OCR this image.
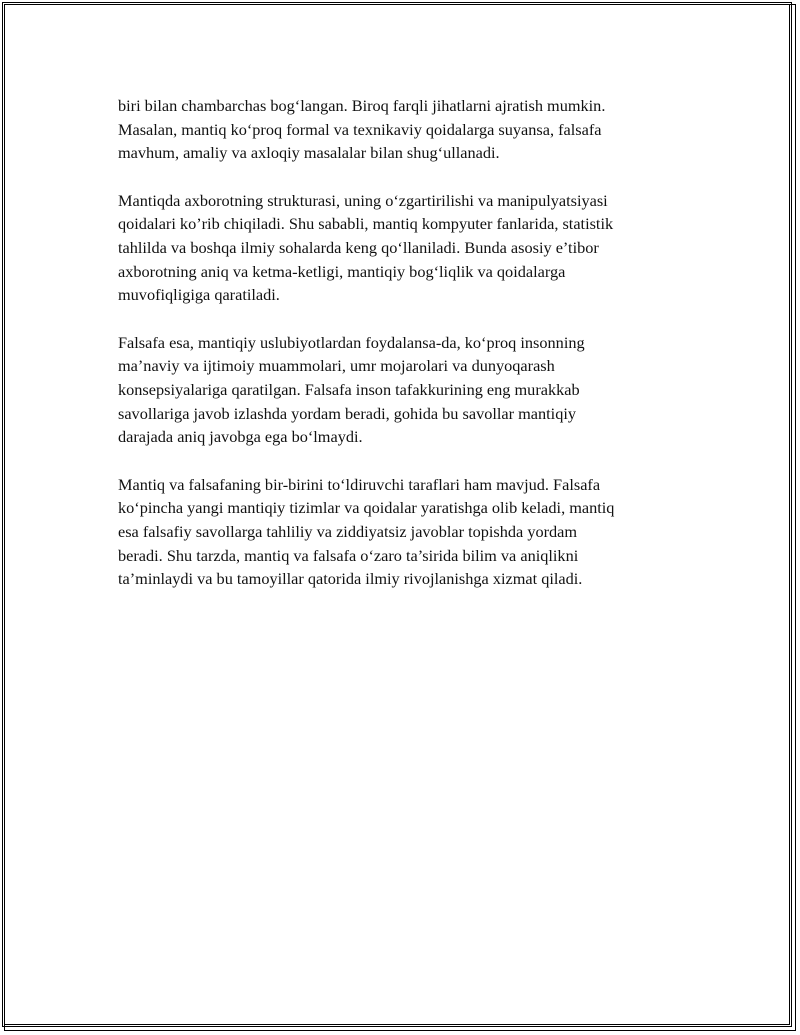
biri bilan chambarchas bog‘langan. Biroq farqli jihatlarni ajratish mumkin.
Masalan, mantiq ko‘proq formal va texnikaviy qoidalarga suyansa, falsafa
mavhum, amaliy va axloqiy masalalar bilan shug‘ullanadi.

Mantiqda axborotning strukturasi, uning o‘zgartirilishi va manipulyatsiyasi
qoidalari ko’rib chiqiladi. Shu sababli, mantiq kompyuter fanlarida, statistik
tahlilda va boshqa ilmiy sohalarda keng qo‘llaniladi. Bunda asosiy e’tibor
axborotning aniq va ketma-ketligi, mantiqiy bog‘liqlik va qoidalarga
muvofiqligiga qaratiladi.

Falsafa esa, mantiqiy uslubiyotlardan foydalansa-da, ko‘proq insonning
ma’naviy va ijtimoiy muammolari, umr mojarolari va dunyoqarash
konsepsiyalariga qaratilgan. Falsafa inson tafakkurining eng murakkab
savollariga javob izlashda yordam beradi, gohida bu savollar mantiqiy
darajada aniq javobga ega bo‘lmaydi.

Mantiq va falsafaning bir-birini to‘ldiruvchi taraflari ham mavjud. Falsafa
ko‘pincha yangi mantiqiy tizimlar va qoidalar yaratishga olib keladi, mantiq
esa falsafiy savollarga tahliliy va ziddiyatsiz javoblar topishda yordam
beradi. Shu tarzda, mantiq va falsafa o‘zaro ta’sirida bilim va aniqlikni
ta’minlaydi va bu tamoyillar qatorida ilmiy rivojlanishga xizmat qiladi.
